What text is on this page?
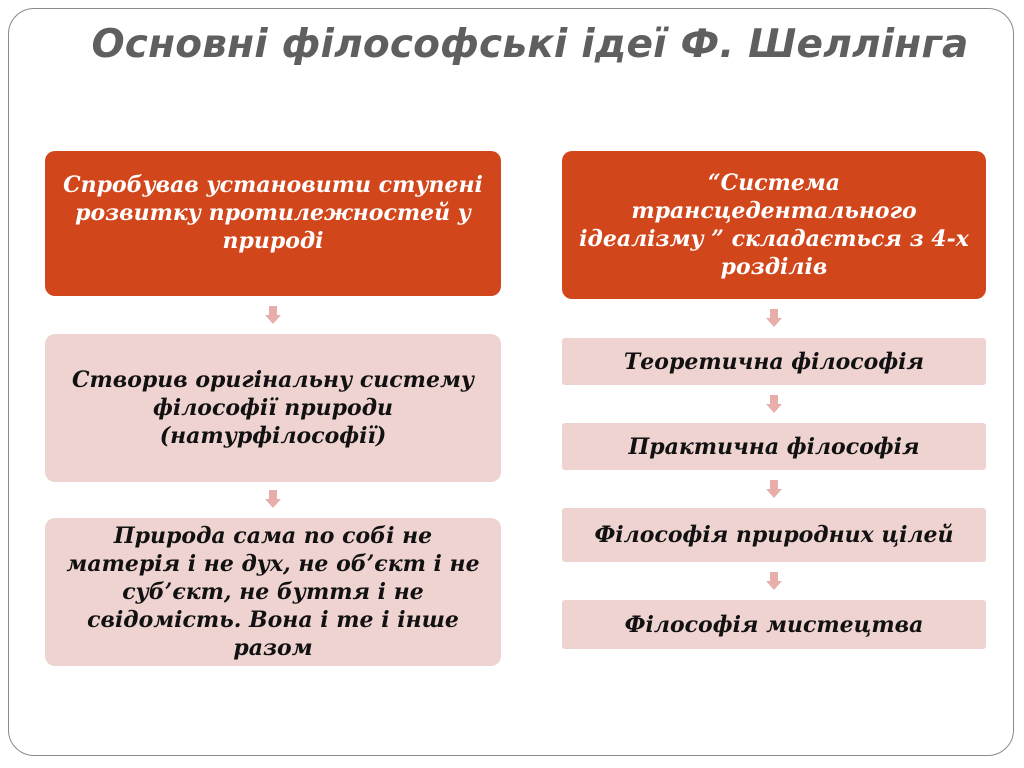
Основні філософські ідеї Ф. Шеллінга
Спробував установити ступені розвитку протилежностей у природі
Створив оригінальну систему філософії природи (натурфілософії)
Природа сама по собі не матерія і не дух, не об’єкт і не суб’єкт, не буття і не свідомість. Вона і те і інше разом
“Система трансцедентального ідеалізму ” складається з 4-х розділів
Теоретична філософія
Практична філософія
Філософія природних цілей
Філософія мистецтва
